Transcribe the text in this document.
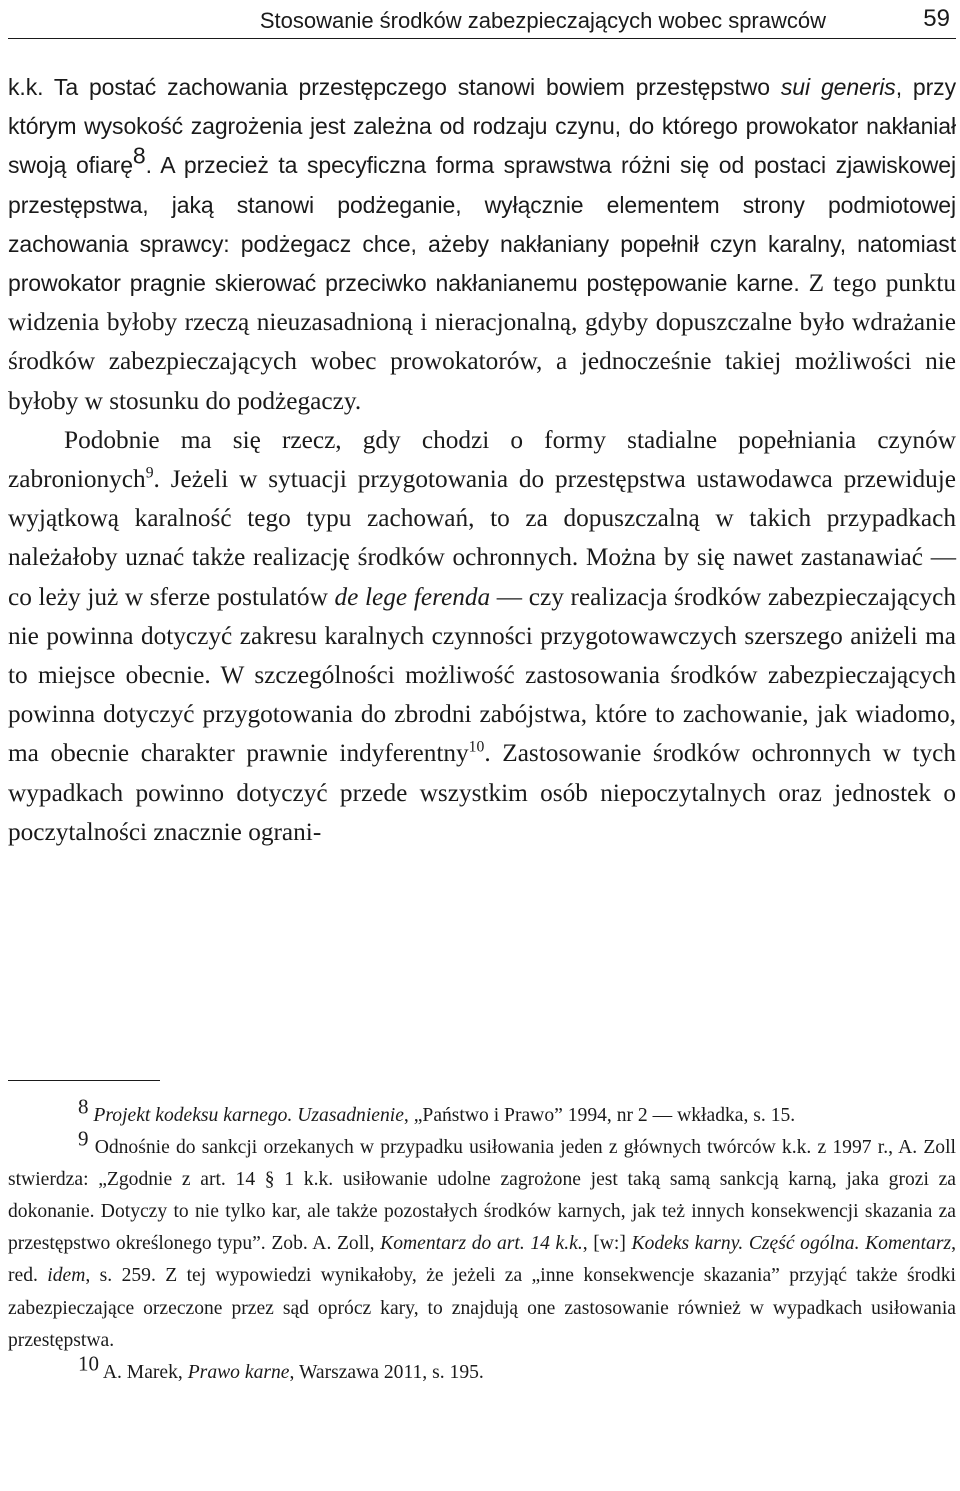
Stosowanie środków zabezpieczających wobec sprawców	59

k.k. Ta postać zachowania przestępczego stanowi bowiem przestępstwo sui generis, przy którym wysokość zagrożenia jest zależna od rodzaju czynu, do którego prowokator nakłaniał swoją ofiarę$^8$. A przecież ta specyficzna forma sprawstwa różni się od postaci zjawiskowej przestępstwa, jaką stanowi podżeganie, wyłącznie elementem strony podmiotowej zachowania sprawcy: podżegacz chce, ażeby nakłaniany popełnił czyn karalny, natomiast prowokator pragnie skierować przeciwko nakłanianemu postępowanie karne. Z tego punktu widzenia byłoby rzeczą nieuzasadnioną i nieracjonalną, gdyby dopuszczalne było wdrażanie środków zabezpieczających wobec prowokatorów, a jednocześnie takiej możliwości nie byłoby w stosunku do podżegaczy.

Podobnie ma się rzecz, gdy chodzi o formy stadialne popełniania czynów zabronionych$^9$. Jeżeli w sytuacji przygotowania do przestępstwa ustawodawca przewiduje wyjątkową karalność tego typu zachowań, to za dopuszczalną w takich przypadkach należałoby uznać także realizację środków ochronnych. Można by się nawet zastanawiać — co leży już w sferze postulatów de lege ferenda — czy realizacja środków zabezpieczających nie powinna dotyczyć zakresu karalnych czynności przygotowawczych szerszego aniżeli ma to miejsce obecnie. W szczególności możliwość zastosowania środków zabezpieczających powinna dotyczyć przygotowania do zbrodni zabójstwa, które to zachowanie, jak wiadomo, ma obecnie charakter prawnie indyferentny$^{10}$. Zastosowanie środków ochronnych w tych wypadkach powinno dotyczyć przede wszystkim osób niepoczytalnych oraz jednostek o poczytalności znacznie ograni-

$^8$ Projekt kodeksu karnego. Uzasadnienie, „Państwo i Prawo” 1994, nr 2 — wkładka, s. 15.

$^9$ Odnośnie do sankcji orzekanych w przypadku usiłowania jeden z głównych twórców k.k. z 1997 r., A. Zoll stwierdza: „Zgodnie z art. 14 § 1 k.k. usiłowanie udolne zagrożone jest taką samą sankcją karną, jaka grozi za dokonanie. Dotyczy to nie tylko kar, ale także pozostałych środków karnych, jak też innych konsekwencji skazania za przestępstwo określonego typu”. Zob. A. Zoll, Komentarz do art. 14 k.k., [w:] Kodeks karny. Część ogólna. Komentarz, red. idem, s. 259. Z tej wypowiedzi wynikałoby, że jeżeli za „inne konsekwencje skazania” przyjąć także środki zabezpieczające orzeczone przez sąd oprócz kary, to znajdują one zastosowanie również w wypadkach usiłowania przestępstwa.

$^{10}$ A. Marek, Prawo karne, Warszawa 2011, s. 195.
